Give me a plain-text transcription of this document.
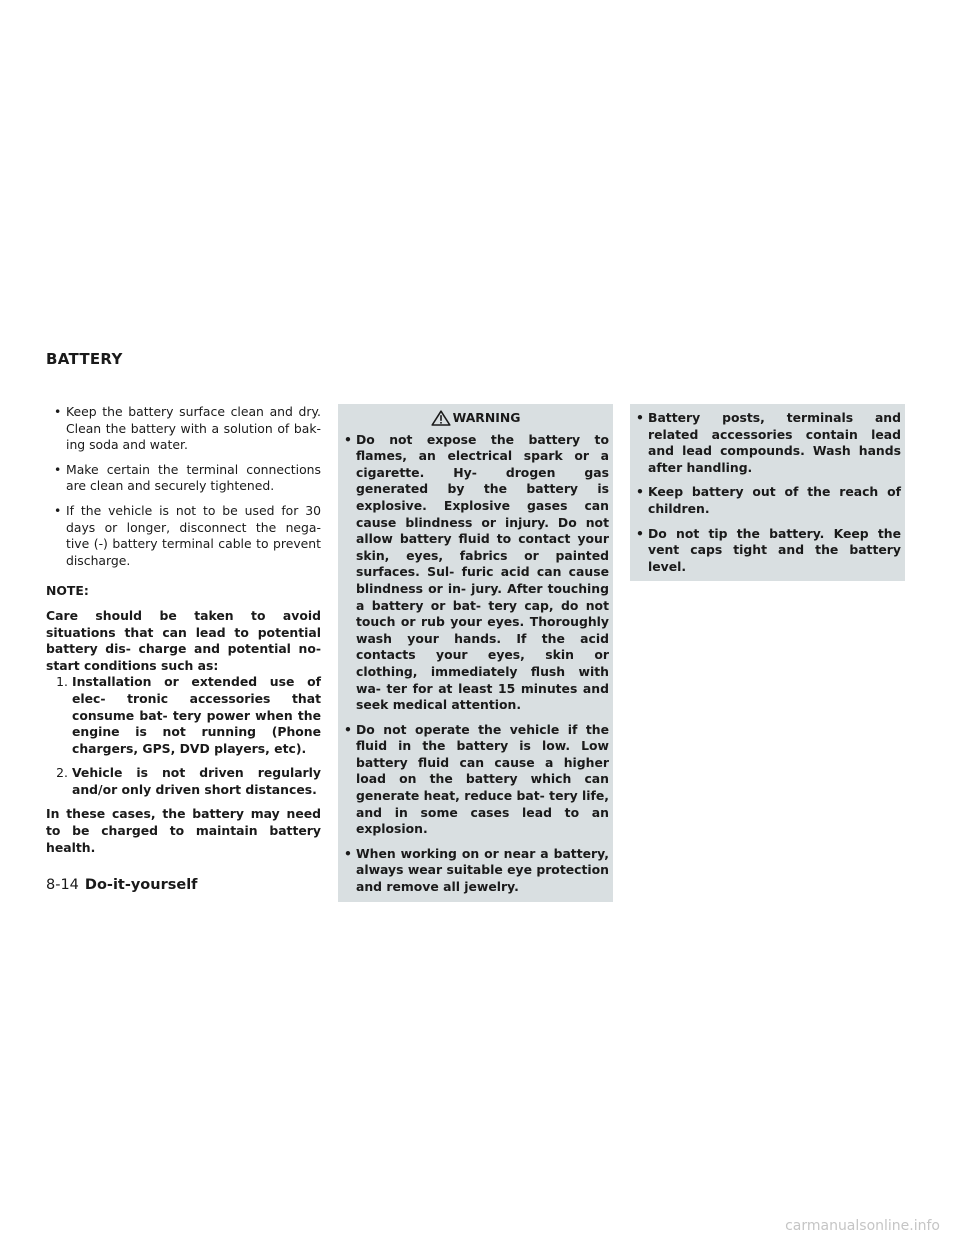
BATTERY
• Keep the battery surface clean and dry. Clean the battery with a solution of bak- ing soda and water.
• Make certain the terminal connections are clean and securely tightened.
• If the vehicle is not to be used for 30 days or longer, disconnect the nega- tive (-) battery terminal cable to prevent discharge.
NOTE:

Care should be taken to avoid situations that can lead to potential battery dis- charge and potential no-start conditions such as:

1. Installation or extended use of elec- tronic accessories that consume bat- tery power when the engine is not running (Phone chargers, GPS, DVD players, etc).
2. Vehicle is not driven regularly and/or only driven short distances.

In these cases, the battery may need to be charged to maintain battery health.

WARNING
• Do not expose the battery to flames, an electrical spark or a cigarette. Hy- drogen gas generated by the battery is explosive. Explosive gases can cause blindness or injury. Do not allow battery fluid to contact your skin, eyes, fabrics or painted surfaces. Sul- furic acid can cause blindness or in- jury. After touching a battery or bat- tery cap, do not touch or rub your eyes. Thoroughly wash your hands. If the acid contacts your eyes, skin or clothing, immediately flush with wa- ter for at least 15 minutes and seek medical attention.
• Do not operate the vehicle if the fluid in the battery is low. Low battery fluid can cause a higher load on the battery which can generate heat, reduce bat- tery life, and in some cases lead to an explosion.
• When working on or near a battery, always wear suitable eye protection and remove all jewelry.
• Battery posts, terminals and related accessories contain lead and lead compounds. Wash hands after handling.
• Keep battery out of the reach of children.
• Do not tip the battery. Keep the vent caps tight and the battery level.
8-14 Do-it-yourself
carmanualsonline.info
